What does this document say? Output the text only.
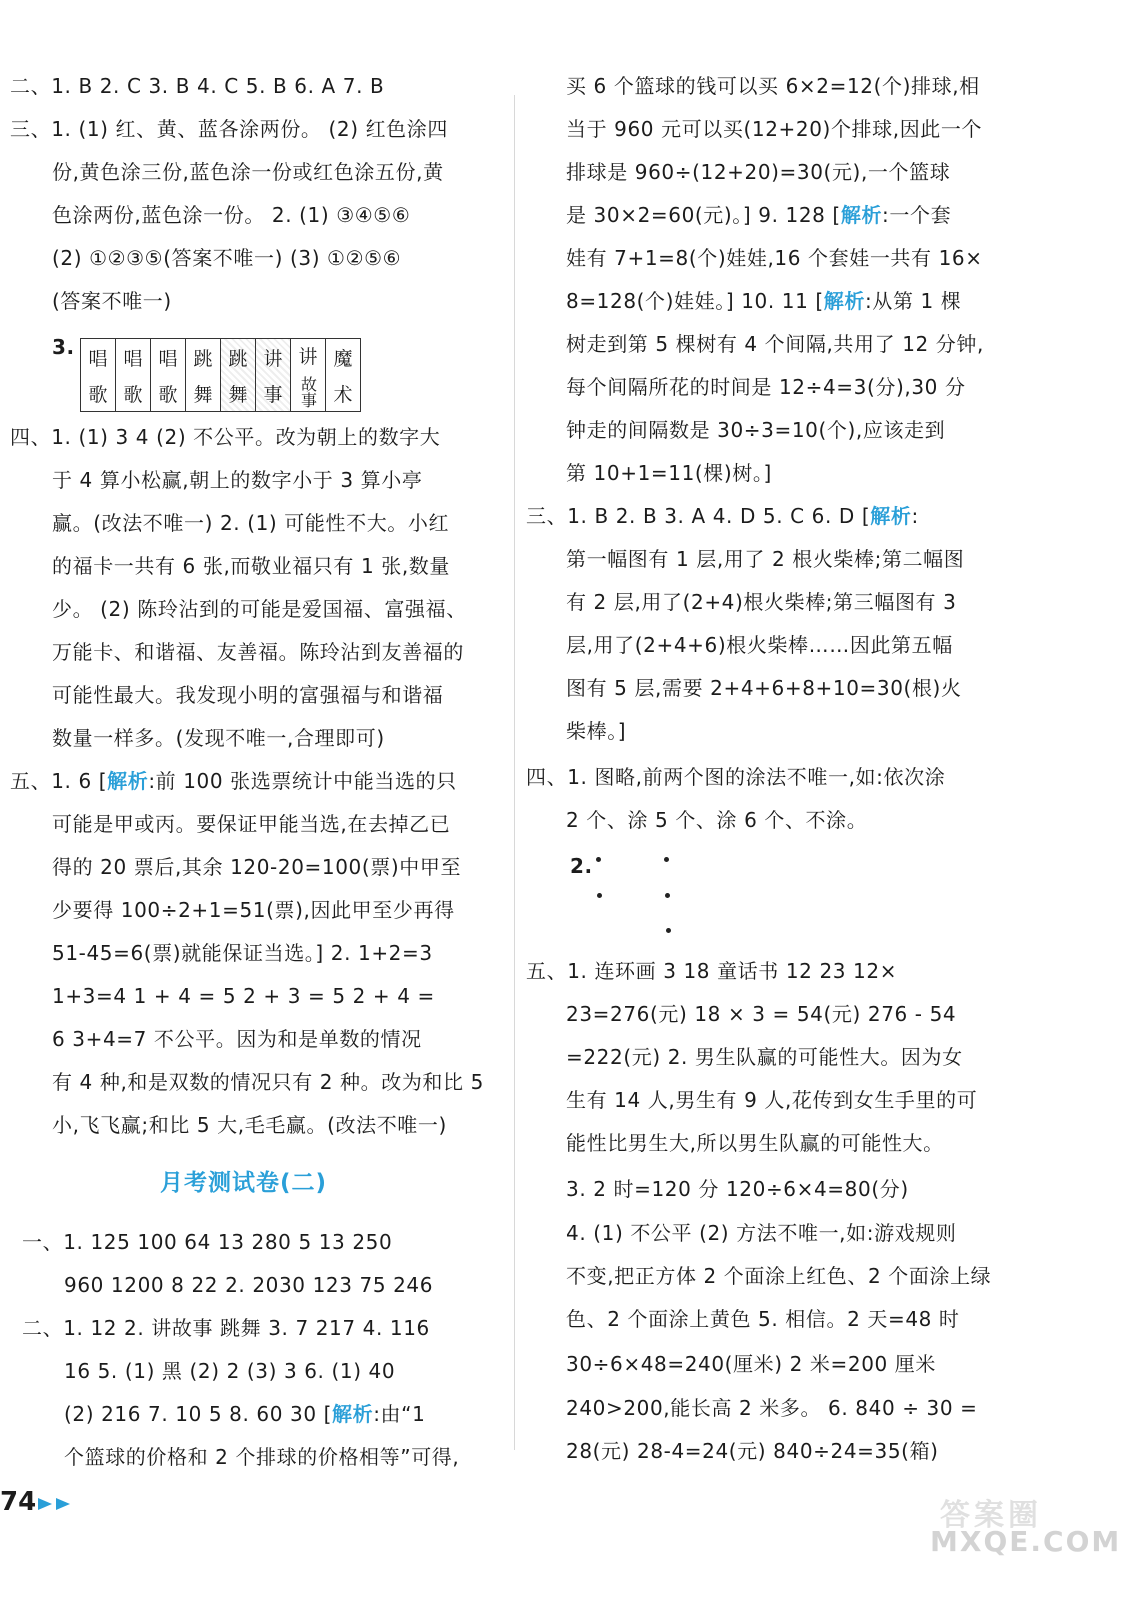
二、1. B 2. C 3. B 4. C 5. B 6. A 7. B
三、1. (1) 红、黄、蓝各涂两份。 (2) 红色涂四
份,黄色涂三份,蓝色涂一份或红色涂五份,黄
色涂两份,蓝色涂一份。 2. (1) ③④⑤⑥
(2) ①②③⑤(答案不唯一) (3) ①②⑤⑥
(答案不唯一)
3. 唱
歌
唱
歌
唱
歌
跳
舞
跳
舞
讲
事
讲
故事
魔
术
四、1. (1) 3 4 (2) 不公平。改为朝上的数字大
于 4 算小松赢,朝上的数字小于 3 算小亭
赢。(改法不唯一) 2. (1) 可能性不大。小红
的福卡一共有 6 张,而敬业福只有 1 张,数量
少。 (2) 陈玲沾到的可能是爱国福、富强福、
万能卡、和谐福、友善福。陈玲沾到友善福的
可能性最大。我发现小明的富强福与和谐福
数量一样多。(发现不唯一,合理即可)
五、1. 6 [解析:前 100 张选票统计中能当选的只
可能是甲或丙。要保证甲能当选,在去掉乙已
得的 20 票后,其余 120-20=100(票)中甲至
少要得 100÷2+1=51(票),因此甲至少再得
51-45=6(票)就能保证当选。] 2. 1+2=3
1+3=4 1 + 4 = 5 2 + 3 = 5 2 + 4 =
6 3+4=7 不公平。因为和是单数的情况
有 4 种,和是双数的情况只有 2 种。改为和比 5
小,飞飞赢;和比 5 大,毛毛赢。(改法不唯一)
月考测试卷(二)
一、1. 125 100 64 13 280 5 13 250
960 1200 8 22 2. 2030 123 75 246
二、1. 12 2. 讲故事 跳舞 3. 7 217 4. 116
16 5. (1) 黑 (2) 2 (3) 3 6. (1) 40
(2) 216 7. 10 5 8. 60 30 [解析:由“1
个篮球的价格和 2 个排球的价格相等”可得,
买 6 个篮球的钱可以买 6×2=12(个)排球,相
当于 960 元可以买(12+20)个排球,因此一个
排球是 960÷(12+20)=30(元),一个篮球
是 30×2=60(元)。] 9. 128 [解析:一个套
娃有 7+1=8(个)娃娃,16 个套娃一共有 16×
8=128(个)娃娃。] 10. 11 [解析:从第 1 棵
树走到第 5 棵树有 4 个间隔,共用了 12 分钟,
每个间隔所花的时间是 12÷4=3(分),30 分
钟走的间隔数是 30÷3=10(个),应该走到
第 10+1=11(棵)树。]
三、1. B 2. B 3. A 4. D 5. C 6. D [解析:
第一幅图有 1 层,用了 2 根火柴棒;第二幅图
有 2 层,用了(2+4)根火柴棒;第三幅图有 3
层,用了(2+4+6)根火柴棒……因此第五幅
图有 5 层,需要 2+4+6+8+10=30(根)火
柴棒。]
四、1. 图略,前两个图的涂法不唯一,如:依次涂
2 个、涂 5 个、涂 6 个、不涂。
2.
五、1. 连环画 3 18 童话书 12 23 12×
23=276(元) 18 × 3 = 54(元) 276 - 54
=222(元) 2. 男生队赢的可能性大。因为女
生有 14 人,男生有 9 人,花传到女生手里的可
能性比男生大,所以男生队赢的可能性大。
3. 2 时=120 分 120÷6×4=80(分)
4. (1) 不公平 (2) 方法不唯一,如:游戏规则
不变,把正方体 2 个面涂上红色、2 个面涂上绿
色、2 个面涂上黄色 5. 相信。2 天=48 时
30÷6×48=240(厘米) 2 米=200 厘米
240>200,能长高 2 米多。 6. 840 ÷ 30 =
28(元) 28-4=24(元) 840÷24=35(箱)
74	答案圈
MXQE.COM
